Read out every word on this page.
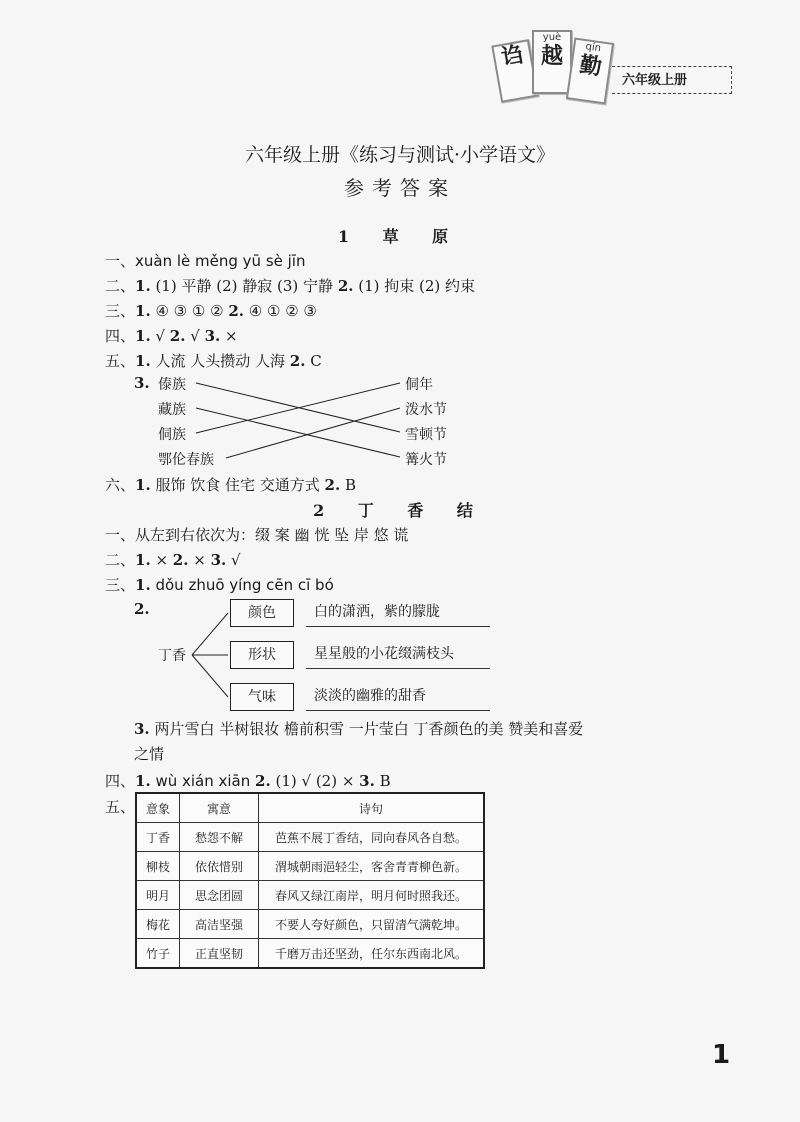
诌
yuè
越	qín
勤
六年级上册
六年级上册《练习与测试·小学语文》
参考答案
1 草 原
一、xuàn lè měng yū sè jīn
二、1. (1) 平静 (2) 静寂 (3) 宁静 2. (1) 拘束 (2) 约束
三、1. ④ ③ ① ② 2. ④ ① ② ③
四、1. √ 2. √ 3. ×
五、1. 人流 人头攒动 人海 2. C
3. 傣族
藏族
侗族
鄂伦春族
侗年
泼水节
雪顿节
篝火节
六、1. 服饰 饮食 住宅 交通方式 2. B
2 丁 香 结
一、从左到右依次为：缀 案 幽 恍 坠 岸 悠 谎
二、1. × 2. × 3. √
三、1. dǒu zhuō yíng cēn cī bó
2.
丁香
颜色
形状
气味
白的潇洒，紫的朦胧
星星般的小花缀满枝头
淡淡的幽雅的甜香
3. 两片雪白 半树银妆 檐前积雪 一片莹白 丁香颜色的美 赞美和喜爱
之情
四、1. wù xián xiān 2. (1) √ (2) × 3. B
五、 意象	寓意	诗句
丁香	愁怨不解	芭蕉不展丁香结，同向春风各自愁。
柳枝	依依惜别	渭城朝雨浥轻尘，客舍青青柳色新。
明月	思念团圆	春风又绿江南岸，明月何时照我还。
梅花	高洁坚强	不要人夸好颜色，只留清气满乾坤。
竹子	正直坚韧	千磨万击还坚劲，任尔东西南北风。
1
